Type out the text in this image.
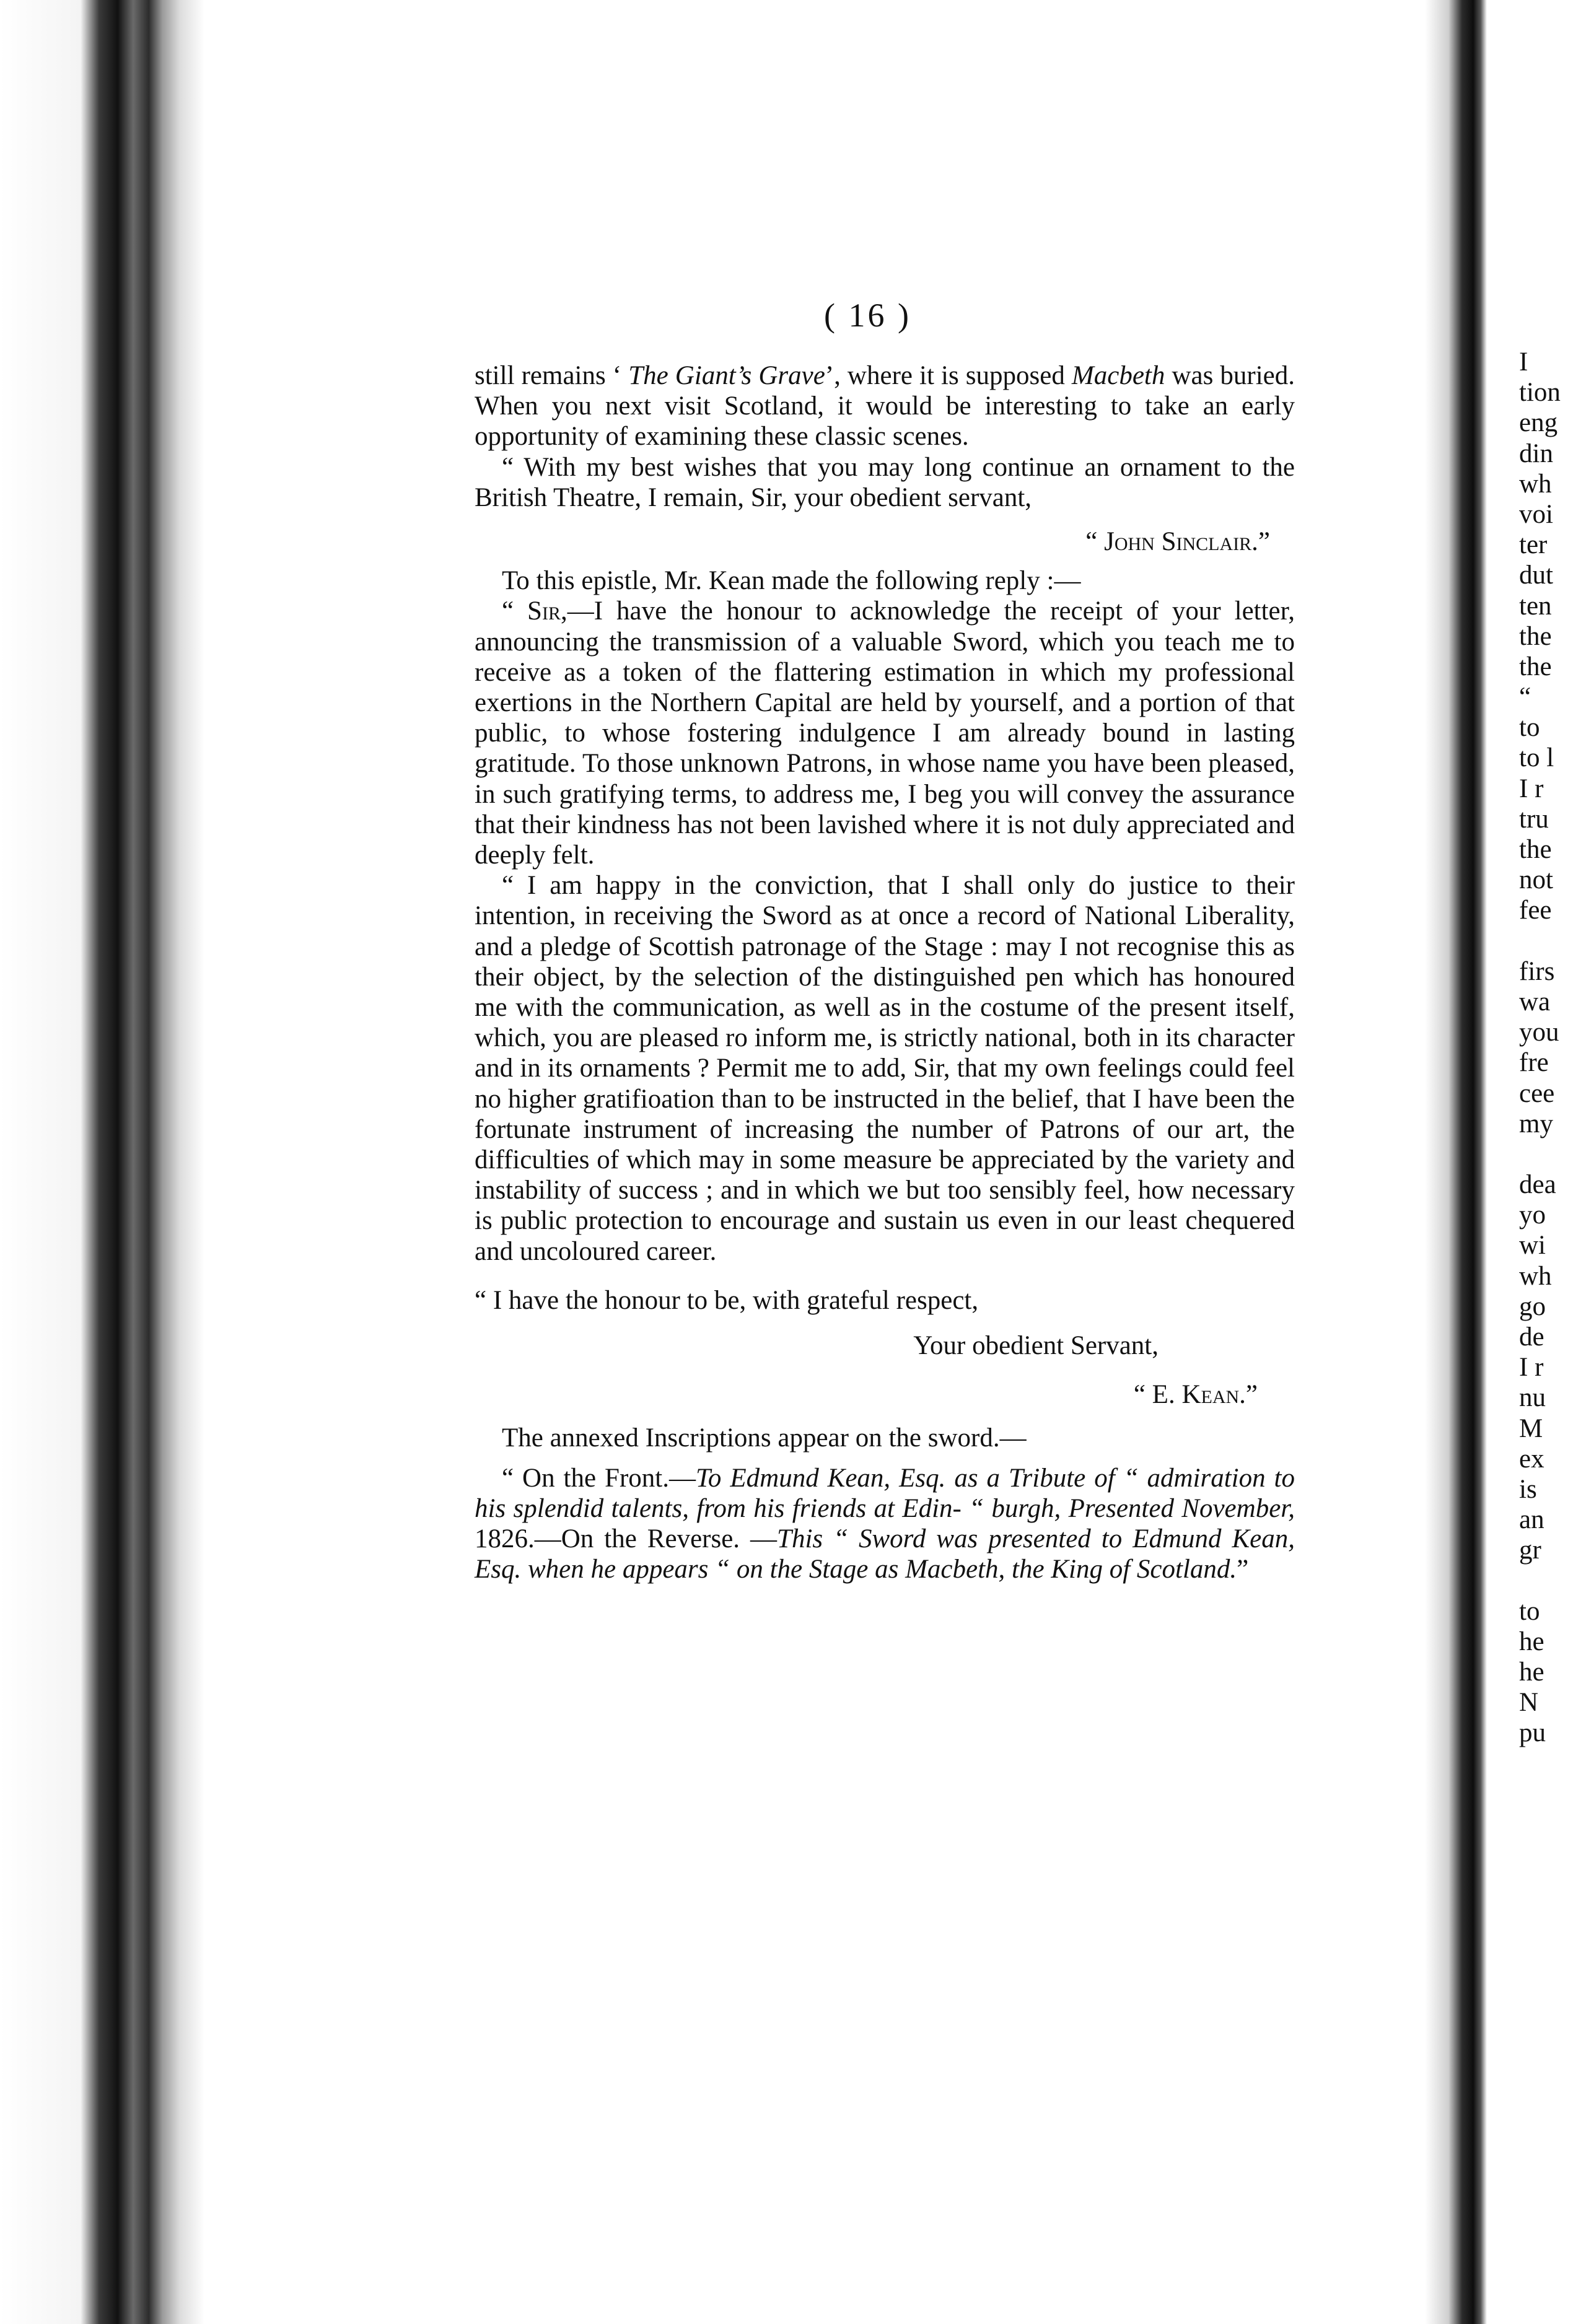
( 16 )

still remains ‘ The Giant’s Grave’, where it is supposed Macbeth was buried. When you next visit Scotland, it would be interesting to take an early opportunity of examining these classic scenes.

“ With my best wishes that you may long continue an ornament to the British Theatre, I remain, Sir, your obedient servant,

“ John Sinclair.”

To this epistle, Mr. Kean made the following reply :—

“ Sir,—I have the honour to acknowledge the receipt of your letter, announcing the transmission of a valuable Sword, which you teach me to receive as a token of the flattering estimation in which my professional exertions in the Northern Capital are held by yourself, and a portion of that public, to whose fostering indulgence I am already bound in lasting gratitude. To those unknown Patrons, in whose name you have been pleased, in such gratifying terms, to address me, I beg you will convey the assurance that their kindness has not been lavished where it is not duly appreciated and deeply felt.

“ I am happy in the conviction, that I shall only do justice to their intention, in receiving the Sword as at once a record of National Liberality, and a pledge of Scottish patronage of the Stage : may I not recognise this as their object, by the selection of the distinguished pen which has honoured me with the communication, as well as in the costume of the present itself, which, you are pleased ro inform me, is strictly national, both in its character and in its ornaments ? Permit me to add, Sir, that my own feelings could feel no higher gratifioation than to be instructed in the belief, that I have been the fortunate instrument of increasing the number of Patrons of our art, the difficulties of which may in some measure be appreciated by the variety and instability of success ; and in which we but too sensibly feel, how necessary is public protection to encourage and sustain us even in our least chequered and uncoloured career.

“ I have the honour to be, with grateful respect,

Your obedient Servant,

“ E. Kean.”

The annexed Inscriptions appear on the sword.—

“ On the Front.—To Edmund Kean, Esq. as a Tribute of “ admiration to his splendid talents, from his friends at Edin- “ burgh, Presented November, 1826.—On the Reverse. —This “ Sword was presented to Edmund Kean, Esq. when he appears “ on the Stage as Macbeth, the King of Scotland.”

I
tion
eng
din
wh
voi
ter
dut
ten
the
the
“
to
to l
I r
tru
the
not
fee
firs
wa
you
fre
cee
my
dea
yo
wi
wh
go
de
I r
nu
M
ex
is
an
gr
to
he
he
N
pu
